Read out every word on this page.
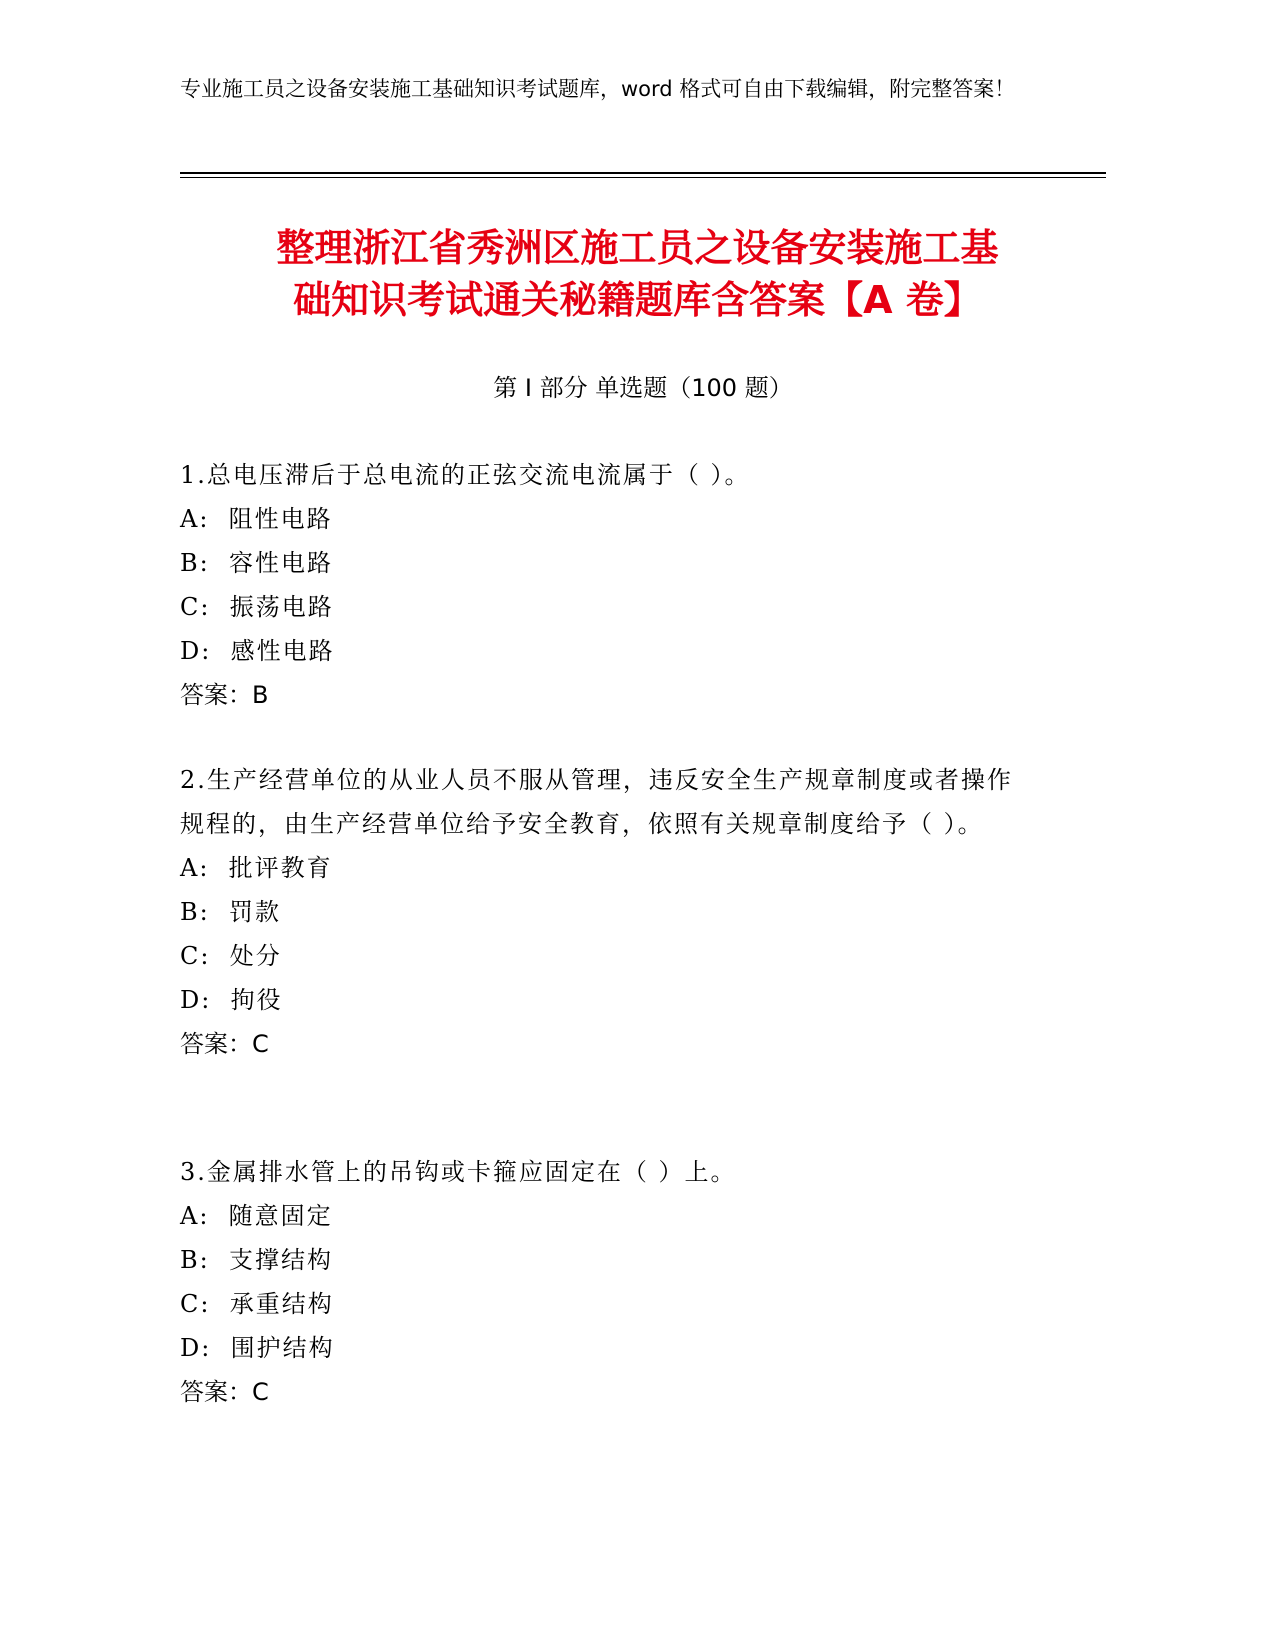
专业施工员之设备安装施工基础知识考试题库，word 格式可自由下载编辑，附完整答案！
整理浙江省秀洲区施工员之设备安装施工基
础知识考试通关秘籍题库含答案【A 卷】
第 I 部分 单选题（100 题）
1.总电压滞后于总电流的正弦交流电流属于（ ）。
A:  阻性电路
B:  容性电路
C:  振荡电路
D:  感性电路
答案：B
2.生产经营单位的从业人员不服从管理，违反安全生产规章制度或者操作规程的，由生产经营单位给予安全教育，依照有关规章制度给予（ ）。
A:  批评教育
B:  罚款
C:  处分
D:  拘役
答案：C
3.金属排水管上的吊钩或卡箍应固定在（ ）上。
A:  随意固定
B:  支撑结构
C:  承重结构
D:  围护结构
答案：C
